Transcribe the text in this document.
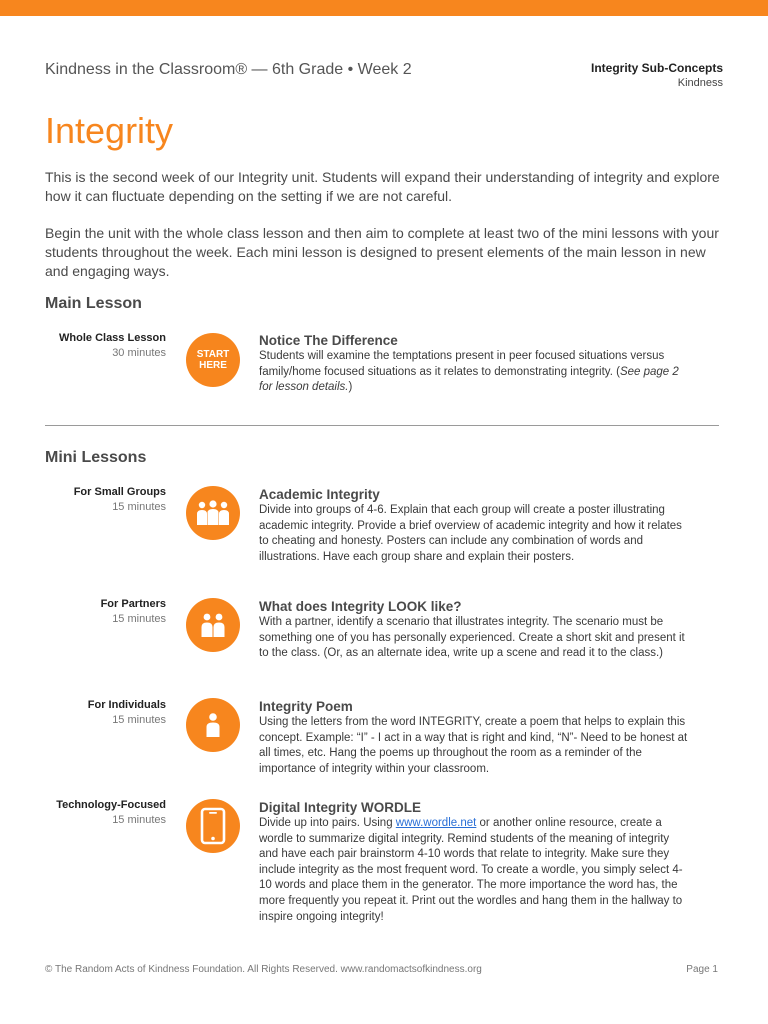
Kindness in the Classroom® — 6th Grade • Week 2	Integrity Sub-Concepts
Kindness
Integrity

This is the second week of our Integrity unit. Students will expand their understanding of integrity and explore how it can fluctuate depending on the setting if we are not careful.

Begin the unit with the whole class lesson and then aim to complete at least two of the mini lessons with your students throughout the week. Each mini lesson is designed to present elements of the main lesson in new and engaging ways.

Main Lesson
Whole Class Lesson
30 minutes	START
HERE
Notice The Difference
Students will examine the temptations present in peer focused situations versus family/home focused situations as it relates to demonstrating integrity. (See page 2 for lesson details.)
Mini Lessons
For Small Groups
15 minutes
Academic Integrity
Divide into groups of 4-6. Explain that each group will create a poster illustrating academic integrity. Provide a brief overview of academic integrity and how it relates to cheating and honesty. Posters can include any combination of words and illustrations. Have each group share and explain their posters.
For Partners
15 minutes
What does Integrity LOOK like?
With a partner, identify a scenario that illustrates integrity. The scenario must be something one of you has personally experienced. Create a short skit and present it to the class. (Or, as an alternate idea, write up a scene and read it to the class.)
For Individuals
15 minutes
Integrity Poem
Using the letters from the word INTEGRITY, create a poem that helps to explain this concept. Example: “I” - I act in a way that is right and kind, “N”- Need to be honest at all times, etc. Hang the poems up throughout the room as a reminder of the importance of integrity within your classroom.
Technology-Focused
15 minutes
Digital Integrity WORDLE
Divide up into pairs. Using www.wordle.net or another online resource, create a wordle to summarize digital integrity. Remind students of the meaning of integrity and have each pair brainstorm 4-10 words that relate to integrity. Make sure they include integrity as the most frequent word. To create a wordle, you simply select 4-10 words and place them in the generator. The more importance the word has, the more frequently you repeat it. Print out the wordles and hang them in the hallway to inspire ongoing integrity!
© The Random Acts of Kindness Foundation. All Rights Reserved. www.randomactsofkindness.org	Page 1
